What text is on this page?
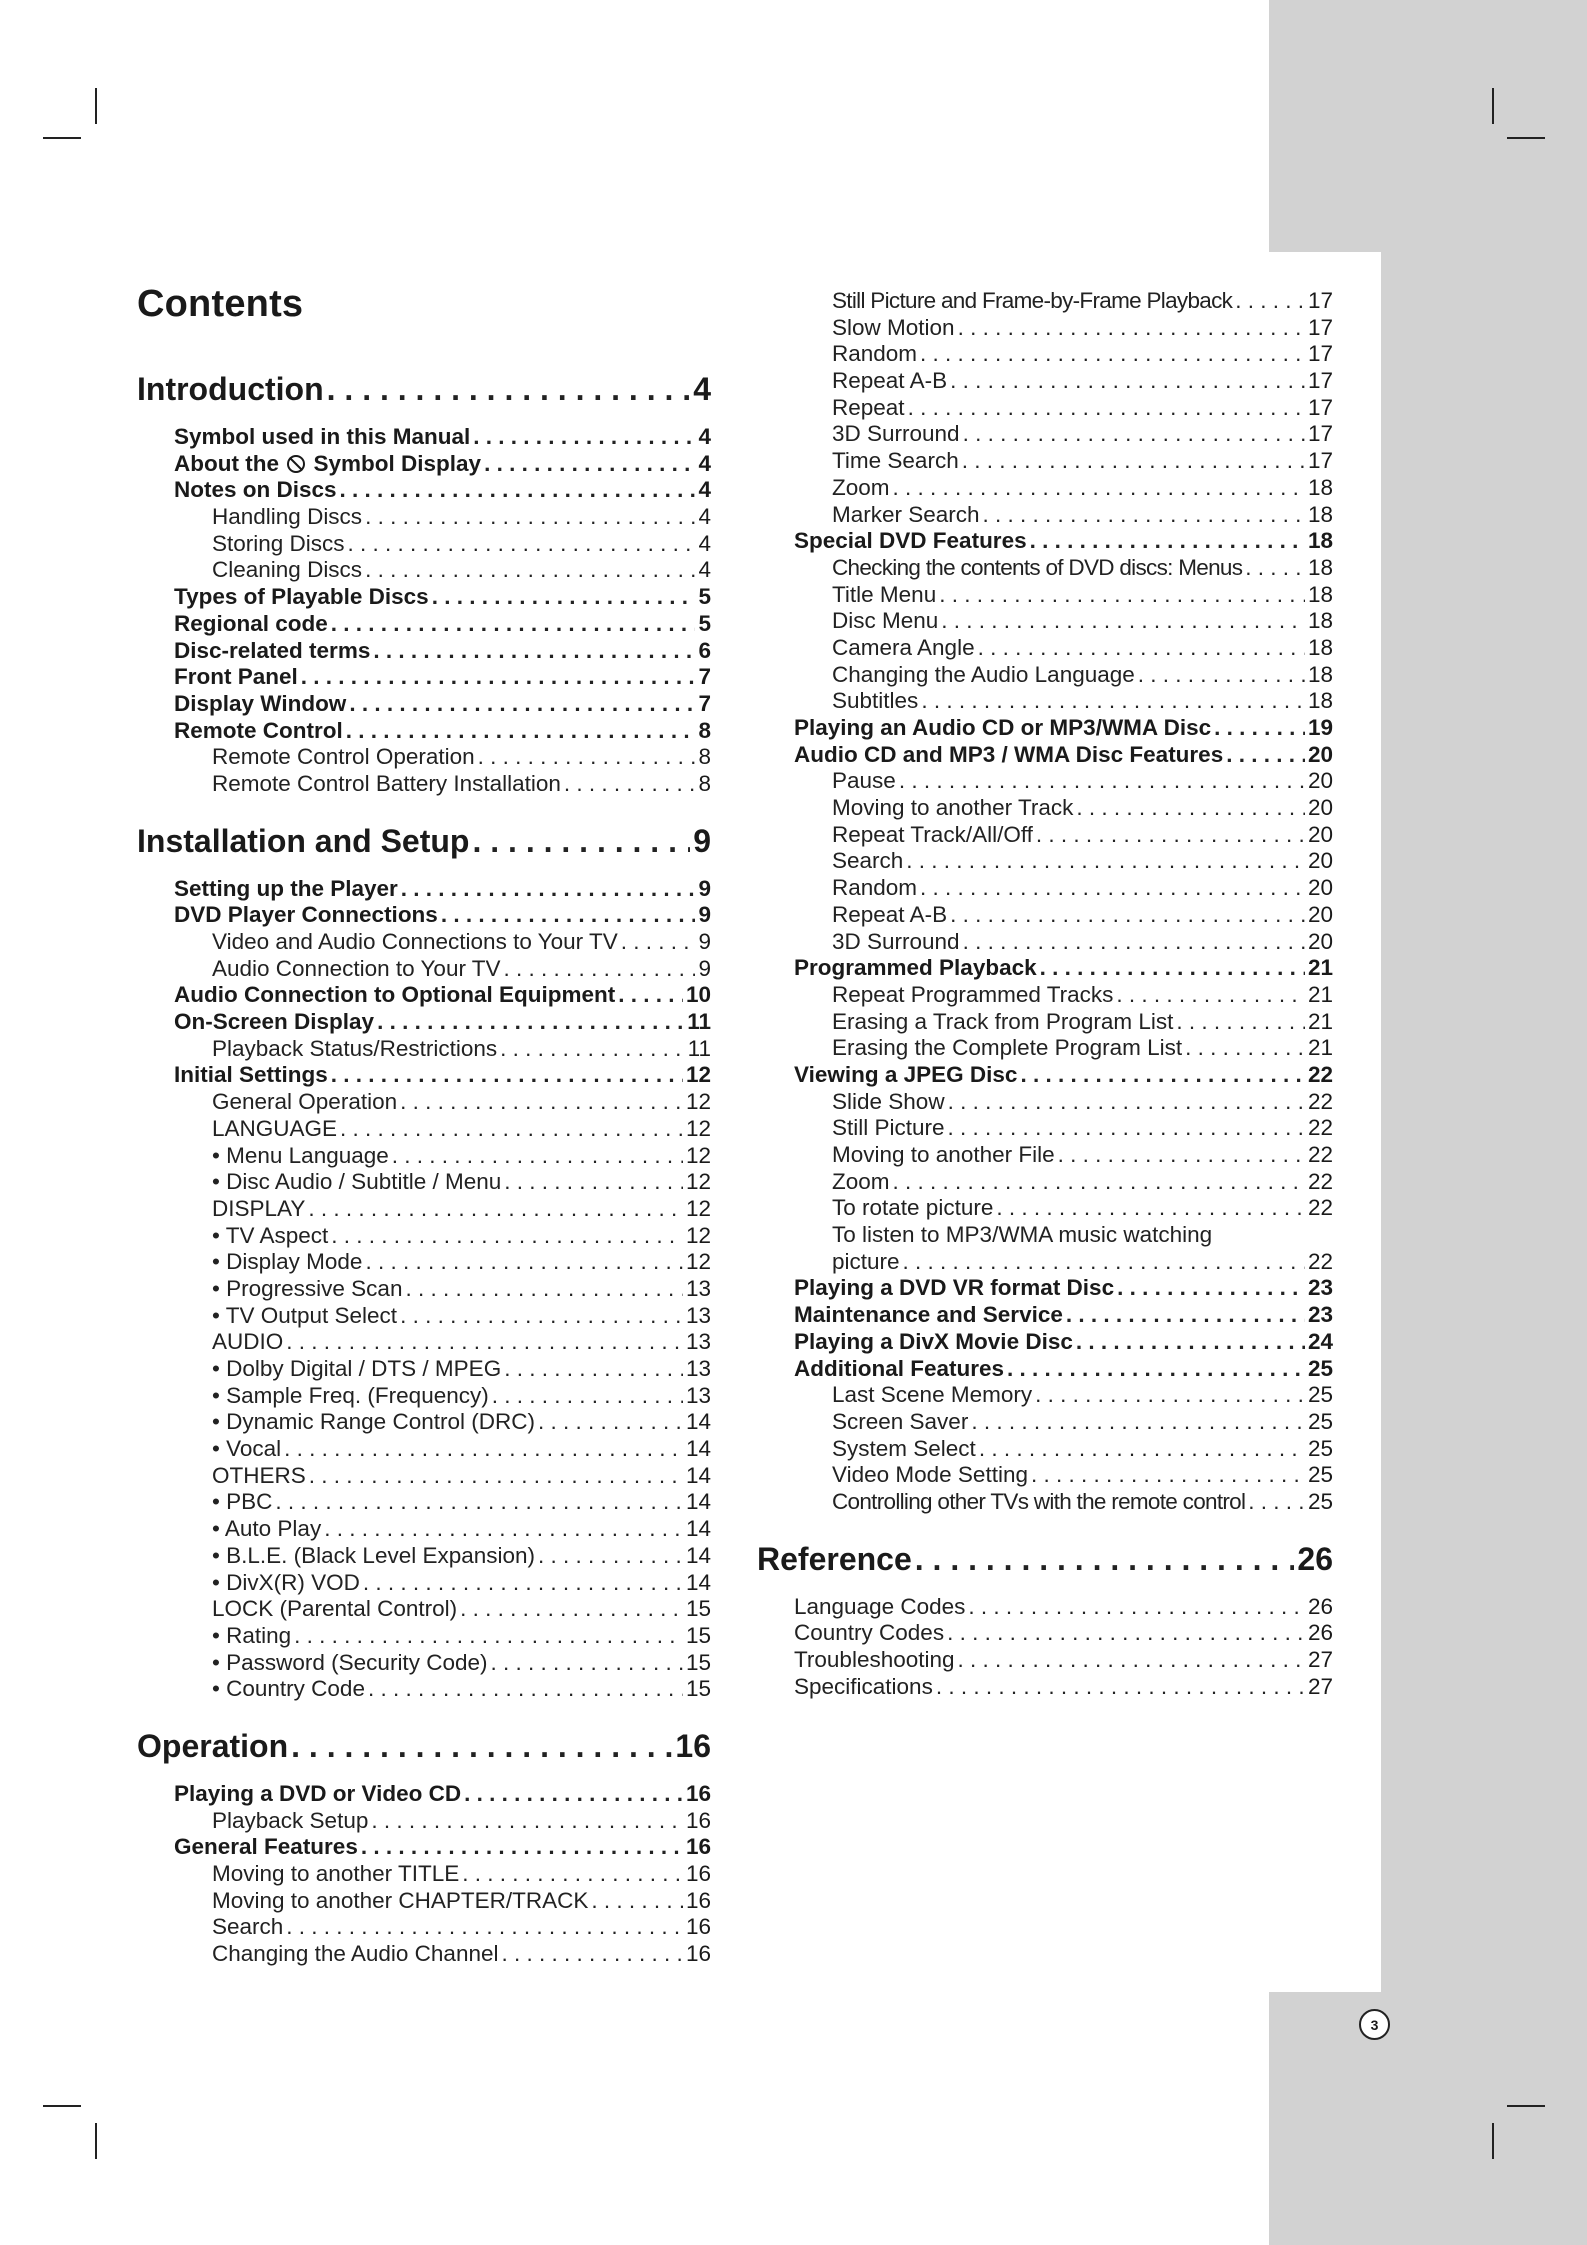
Contents
Introduction . . .	4
Symbol used in this Manual . . .	4
About the Symbol Display . . .	4
Notes on Discs . . .	4
Handling Discs . . .	4
Storing Discs . . .	4
Cleaning Discs . . .	4
Types of Playable Discs . . .	5
Regional code . . .	5
Disc-related terms . . .	6
Front Panel . . .	7
Display Window . . .	7
Remote Control . . .	8
Remote Control Operation . . .	8
Remote Control Battery Installation . . .	8
Installation and Setup . . .	9
Setting up the Player . . .	9
DVD Player Connections . . .	9
Video and Audio Connections to Your TV . . .	9
Audio Connection to Your TV . . .	9
Audio Connection to Optional Equipment . . .	10
On-Screen Display . . .	11
Playback Status/Restrictions . . .	11
Initial Settings . . .	12
General Operation . . .	12
LANGUAGE . . .	12
• Menu Language . . .	12
• Disc Audio / Subtitle / Menu . . .	12
DISPLAY . . .	12
• TV Aspect . . .	12
• Display Mode . . .	12
• Progressive Scan . . .	13
• TV Output Select . . .	13
AUDIO . . .	13
• Dolby Digital / DTS / MPEG . . .	13
• Sample Freq. (Frequency) . . .	13
• Dynamic Range Control (DRC) . . .	14
• Vocal . . .	14
OTHERS . . .	14
• PBC . . .	14
• Auto Play . . .	14
• B.L.E. (Black Level Expansion) . . .	14
• DivX(R) VOD . . .	14
LOCK (Parental Control) . . .	15
• Rating . . .	15
• Password (Security Code) . . .	15
• Country Code . . .	15
Operation . . .	16
Playing a DVD or Video CD . . .	16
Playback Setup . . .	16
General Features . . .	16
Moving to another TITLE . . .	16
Moving to another CHAPTER/TRACK . . .	16
Search . . .	16
Changing the Audio Channel . . .	16
Still Picture and Frame-by-Frame Playback . . .	17
Slow Motion . . .	17
Random . . .	17
Repeat A-B . . .	17
Repeat . . .	17
3D Surround . . .	17
Time Search . . .	17
Zoom . . .	18
Marker Search . . .	18
Special DVD Features . . .	18
Checking the contents of DVD discs: Menus . . .	18
Title Menu . . .	18
Disc Menu . . .	18
Camera Angle . . .	18
Changing the Audio Language . . .	18
Subtitles . . .	18
Playing an Audio CD or MP3/WMA Disc . . .	19
Audio CD and MP3 / WMA Disc Features . . .	20
Pause . . .	20
Moving to another Track . . .	20
Repeat Track/All/Off . . .	20
Search . . .	20
Random . . .	20
Repeat A-B . . .	20
3D Surround . . .	20
Programmed Playback . . .	21
Repeat Programmed Tracks . . .	21
Erasing a Track from Program List . . .	21
Erasing the Complete Program List . . .	21
Viewing a JPEG Disc . . .	22
Slide Show . . .	22
Still Picture . . .	22
Moving to another File . . .	22
Zoom . . .	22
To rotate picture . . .	22
To listen to MP3/WMA music watching
picture . . .	22
Playing a DVD VR format Disc . . .	23
Maintenance and Service . . .	23
Playing a DivX Movie Disc . . .	24
Additional Features . . .	25
Last Scene Memory . . .	25
Screen Saver . . .	25
System Select . . .	25
Video Mode Setting . . .	25
Controlling other TVs with the remote control . . .	25
Reference . . .	26
Language Codes . . .	26
Country Codes . . .	26
Troubleshooting . . .	27
Specifications . . .	27
3
